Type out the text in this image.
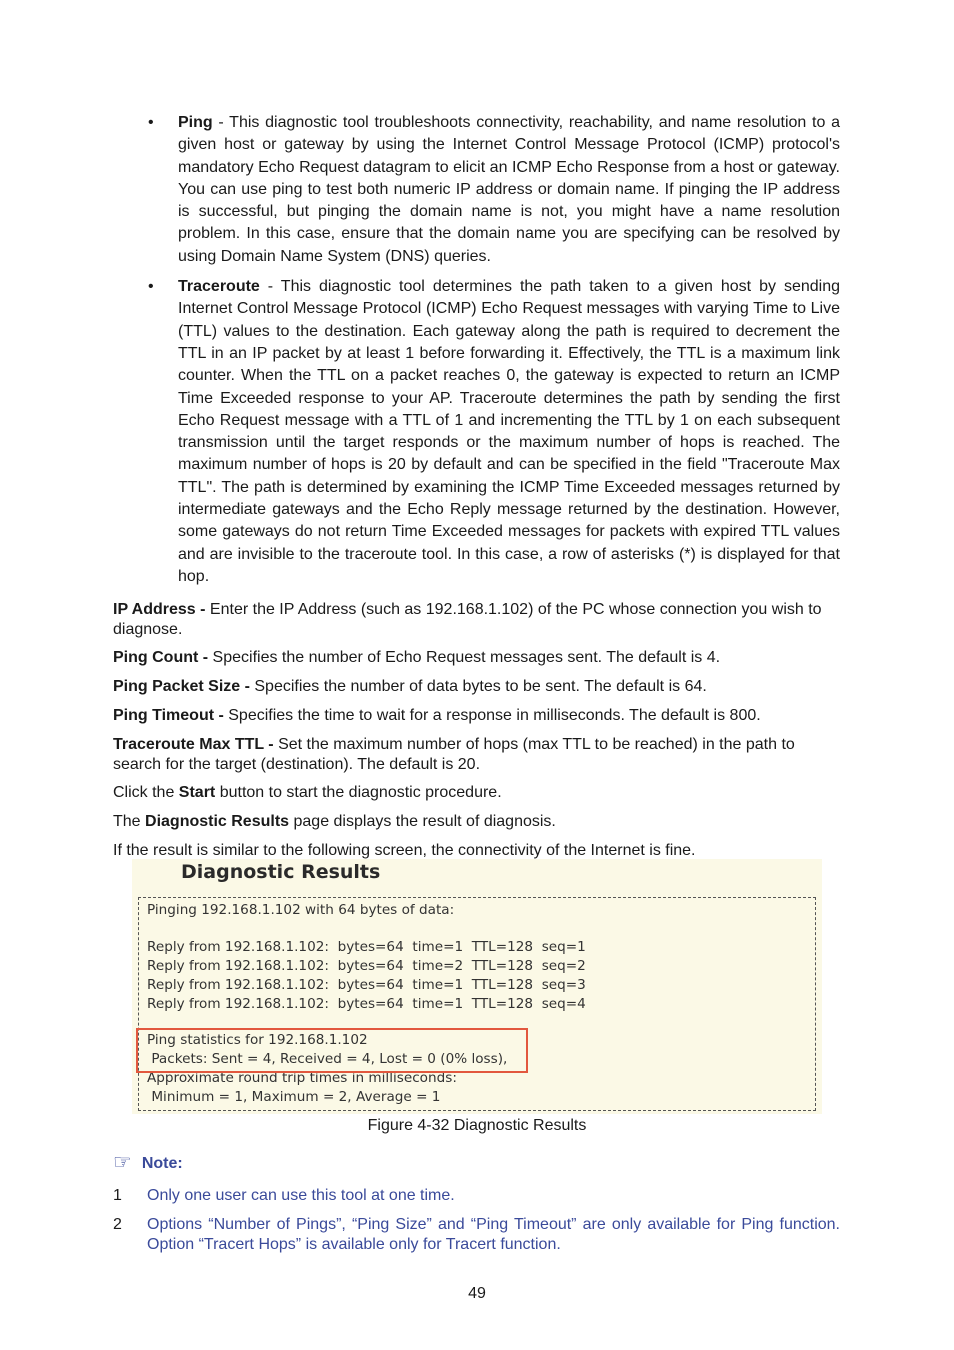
• Ping - This diagnostic tool troubleshoots connectivity, reachability, and name resolution to a given host or gateway by using the Internet Control Message Protocol (ICMP) protocol's mandatory Echo Request datagram to elicit an ICMP Echo Response from a host or gateway. You can use ping to test both numeric IP address or domain name. If pinging the IP address is successful, but pinging the domain name is not, you might have a name resolution problem. In this case, ensure that the domain name you are specifying can be resolved by using Domain Name System (DNS) queries.
• Traceroute - This diagnostic tool determines the path taken to a given host by sending Internet Control Message Protocol (ICMP) Echo Request messages with varying Time to Live (TTL) values to the destination. Each gateway along the path is required to decrement the TTL in an IP packet by at least 1 before forwarding it. Effectively, the TTL is a maximum link counter. When the TTL on a packet reaches 0, the gateway is expected to return an ICMP Time Exceeded response to your AP. Traceroute determines the path by sending the first Echo Request message with a TTL of 1 and incrementing the TTL by 1 on each subsequent transmission until the target responds or the maximum number of hops is reached. The maximum number of hops is 20 by default and can be specified in the field "Traceroute Max TTL". The path is determined by examining the ICMP Time Exceeded messages returned by intermediate gateways and the Echo Reply message returned by the destination. However, some gateways do not return Time Exceeded messages for packets with expired TTL values and are invisible to the traceroute tool. In this case, a row of asterisks (*) is displayed for that hop.

IP Address - Enter the IP Address (such as 192.168.1.102) of the PC whose connection you wish to diagnose.

Ping Count - Specifies the number of Echo Request messages sent. The default is 4.

Ping Packet Size - Specifies the number of data bytes to be sent. The default is 64.

Ping Timeout - Specifies the time to wait for a response in milliseconds. The default is 800.

Traceroute Max TTL - Set the maximum number of hops (max TTL to be reached) in the path to search for the target (destination). The default is 20.

Click the Start button to start the diagnostic procedure.

The Diagnostic Results page displays the result of diagnosis.

If the result is similar to the following screen, the connectivity of the Internet is fine.

Diagnostic Results
Pinging 192.168.1.102 with 64 bytes of data:
Reply from 192.168.1.102:  bytes=64  time=1  TTL=128  seq=1
Reply from 192.168.1.102:  bytes=64  time=2  TTL=128  seq=2
Reply from 192.168.1.102:  bytes=64  time=1  TTL=128  seq=3
Reply from 192.168.1.102:  bytes=64  time=1  TTL=128  seq=4
Ping statistics for 192.168.1.102
Packets: Sent = 4, Received = 4, Lost = 0 (0% loss),
Approximate round trip times in milliseconds:
Minimum = 1, Maximum = 2, Average = 1
Figure 4-32 Diagnostic Results
☞ Note:
1 Only one user can use this tool at one time.
2 Options “Number of Pings”, “Ping Size” and “Ping Timeout” are only available for Ping function. Option “Tracert Hops” is available only for Tracert function.
49
